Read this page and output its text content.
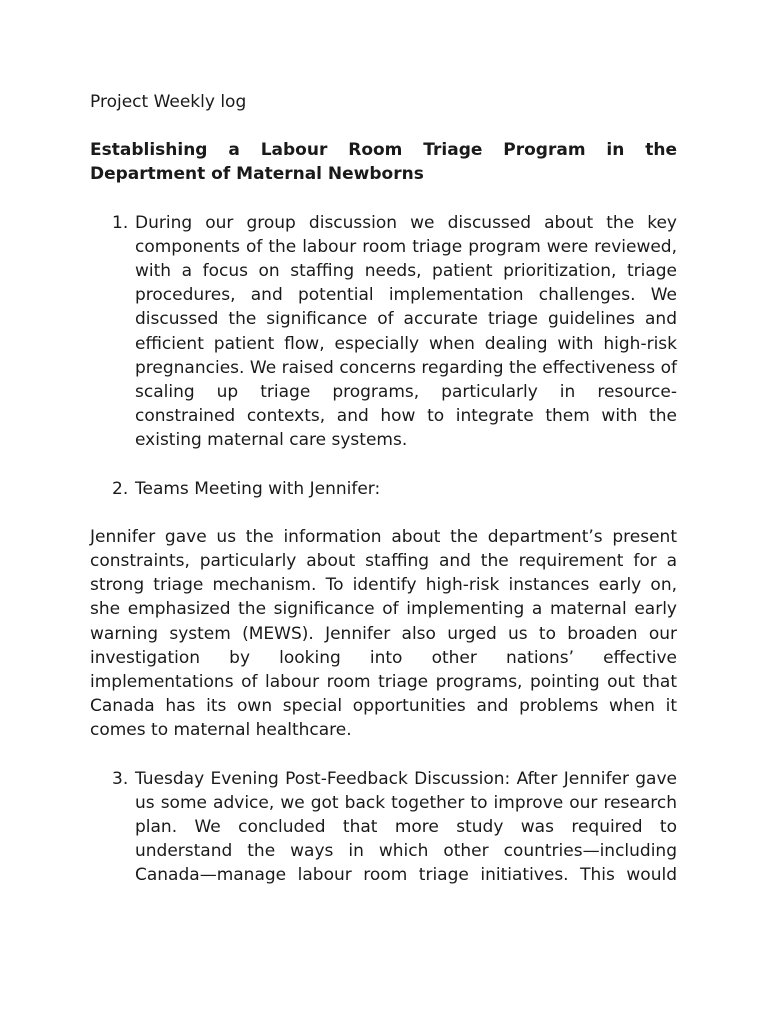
Project Weekly log

Establishing a Labour Room Triage Program in the Department of Maternal Newborns

1. During our group discussion we discussed about the key components of the labour room triage program were reviewed, with a focus on staffing needs, patient prioritization, triage procedures, and potential implementation challenges. We discussed the significance of accurate triage guidelines and efficient patient flow, especially when dealing with high-risk pregnancies. We raised concerns regarding the effectiveness of scaling up triage programs, particularly in resource-constrained contexts, and how to integrate them with the existing maternal care systems.
2. Teams Meeting with Jennifer:

Jennifer gave us the information about the department’s present constraints, particularly about staffing and the requirement for a strong triage mechanism. To identify high-risk instances early on, she emphasized the significance of implementing a maternal early warning system (MEWS). Jennifer also urged us to broaden our investigation by looking into other nations’ effective implementations of labour room triage programs, pointing out that Canada has its own special opportunities and problems when it comes to maternal healthcare.

3. Tuesday Evening Post-Feedback Discussion: After Jennifer gave us some advice, we got back together to improve our research plan. We concluded that more study was required to understand the ways in which other countries—including Canada—manage labour room triage initiatives. This would
